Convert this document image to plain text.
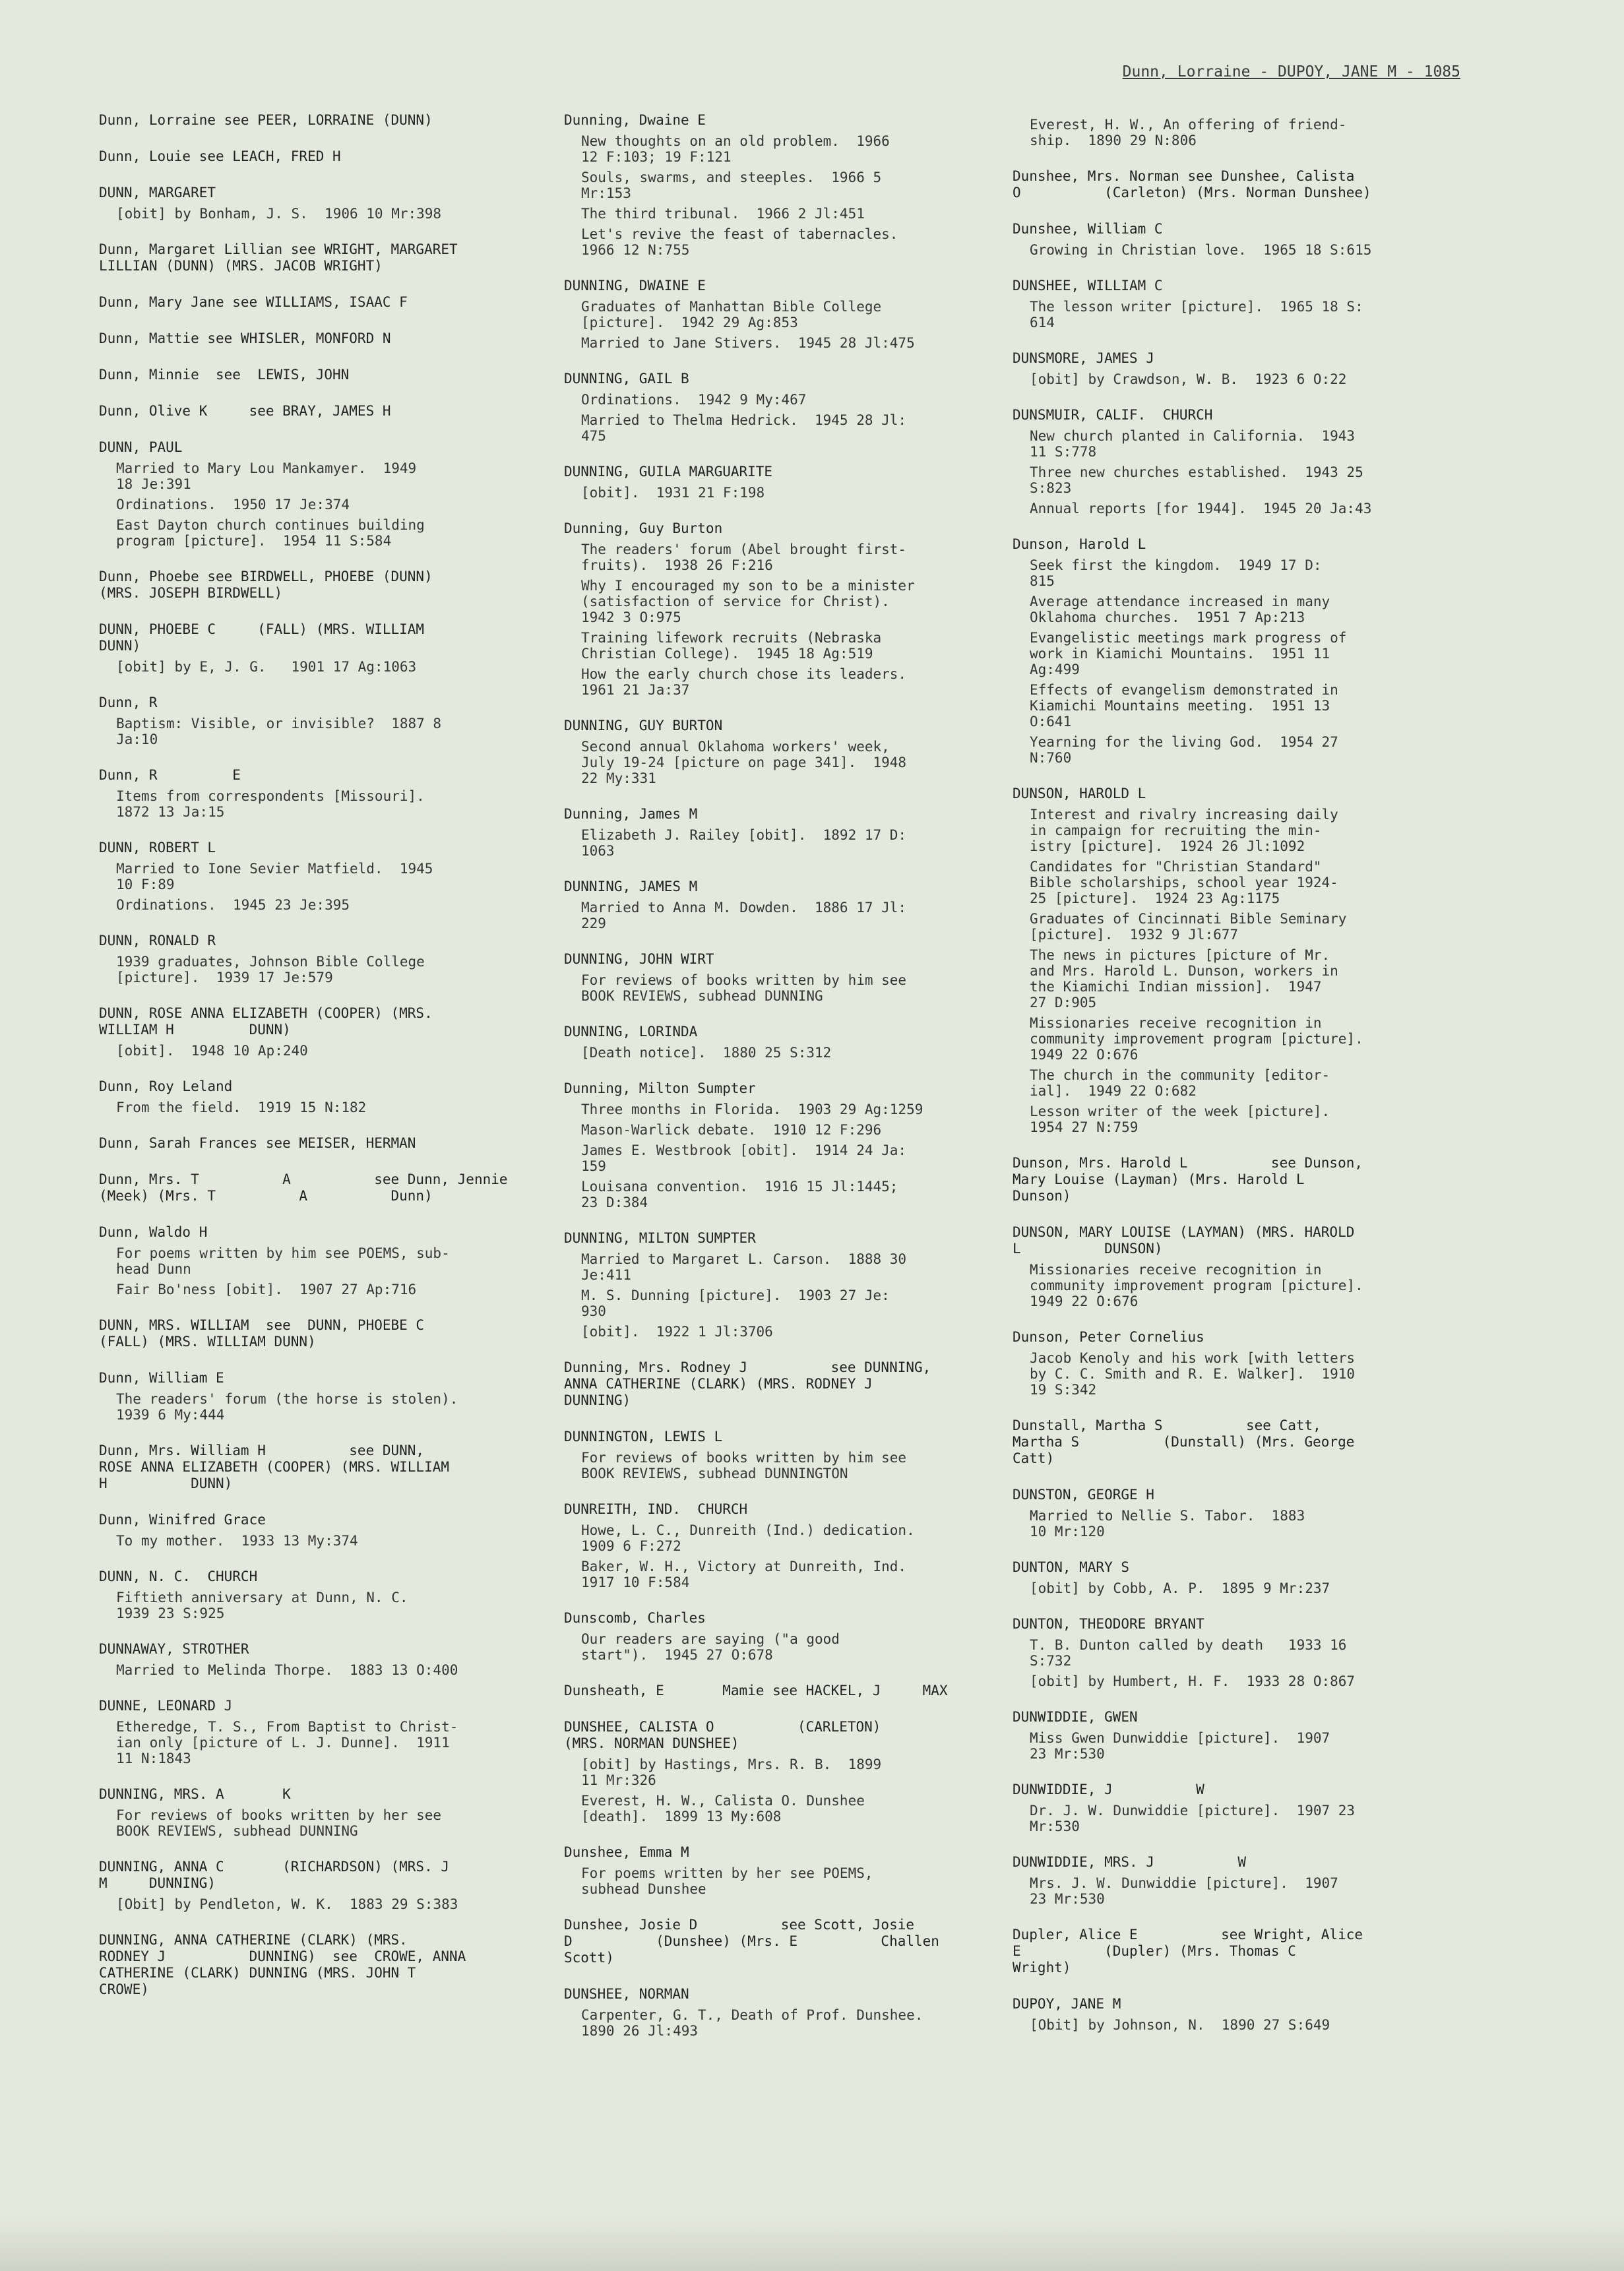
Dunn, Lorraine - DUPOY, JANE M - 1085
Dunn, Lorraine see PEER, LORRAINE (DUNN)
Dunn, Louie see LEACH, FRED H
DUNN, MARGARET
[obit] by Bonham, J. S.  1906 10 Mr:398
Dunn, Margaret Lillian see WRIGHT, MARGARET
LILLIAN (DUNN) (MRS. JACOB WRIGHT)
Dunn, Mary Jane see WILLIAMS, ISAAC F
Dunn, Mattie see WHISLER, MONFORD N
Dunn, Minnie  see  LEWIS, JOHN
Dunn, Olive K     see BRAY, JAMES H
DUNN, PAUL
Married to Mary Lou Mankamyer.  1949
18 Je:391
Ordinations.  1950 17 Je:374
East Dayton church continues building
program [picture].  1954 11 S:584
Dunn, Phoebe see BIRDWELL, PHOEBE (DUNN)
(MRS. JOSEPH BIRDWELL)
DUNN, PHOEBE C     (FALL) (MRS. WILLIAM
DUNN)
[obit] by E, J. G.   1901 17 Ag:1063
Dunn, R
Baptism: Visible, or invisible?  1887 8
Ja:10
Dunn, R         E
Items from correspondents [Missouri].
1872 13 Ja:15
DUNN, ROBERT L
Married to Ione Sevier Matfield.  1945
10 F:89
Ordinations.  1945 23 Je:395
DUNN, RONALD R
1939 graduates, Johnson Bible College
[picture].  1939 17 Je:579
DUNN, ROSE ANNA ELIZABETH (COOPER) (MRS.
WILLIAM H         DUNN)
[obit].  1948 10 Ap:240
Dunn, Roy Leland
From the field.  1919 15 N:182
Dunn, Sarah Frances see MEISER, HERMAN
Dunn, Mrs. T          A          see Dunn, Jennie
(Meek) (Mrs. T          A          Dunn)
Dunn, Waldo H
For poems written by him see POEMS, sub-
head Dunn
Fair Bo'ness [obit].  1907 27 Ap:716
DUNN, MRS. WILLIAM  see  DUNN, PHOEBE C
(FALL) (MRS. WILLIAM DUNN)
Dunn, William E
The readers' forum (the horse is stolen).
1939 6 My:444
Dunn, Mrs. William H          see DUNN,
ROSE ANNA ELIZABETH (COOPER) (MRS. WILLIAM
H          DUNN)
Dunn, Winifred Grace
To my mother.  1933 13 My:374
DUNN, N. C.  CHURCH
Fiftieth anniversary at Dunn, N. C.
1939 23 S:925
DUNNAWAY, STROTHER
Married to Melinda Thorpe.  1883 13 O:400
DUNNE, LEONARD J
Etheredge, T. S., From Baptist to Christ-
ian only [picture of L. J. Dunne].  1911
11 N:1843
DUNNING, MRS. A       K
For reviews of books written by her see
BOOK REVIEWS, subhead DUNNING
DUNNING, ANNA C       (RICHARDSON) (MRS. J
M     DUNNING)
[Obit] by Pendleton, W. K.  1883 29 S:383
DUNNING, ANNA CATHERINE (CLARK) (MRS.
RODNEY J          DUNNING)  see  CROWE, ANNA
CATHERINE (CLARK) DUNNING (MRS. JOHN T
CROWE)
Dunning, Dwaine E
New thoughts on an old problem.  1966
12 F:103; 19 F:121
Souls, swarms, and steeples.  1966 5
Mr:153
The third tribunal.  1966 2 Jl:451
Let's revive the feast of tabernacles.
1966 12 N:755
DUNNING, DWAINE E
Graduates of Manhattan Bible College
[picture].  1942 29 Ag:853
Married to Jane Stivers.  1945 28 Jl:475
DUNNING, GAIL B
Ordinations.  1942 9 My:467
Married to Thelma Hedrick.  1945 28 Jl:
475
DUNNING, GUILA MARGUARITE
[obit].  1931 21 F:198
Dunning, Guy Burton
The readers' forum (Abel brought first-
fruits).  1938 26 F:216
Why I encouraged my son to be a minister
(satisfaction of service for Christ).
1942 3 O:975
Training lifework recruits (Nebraska
Christian College).  1945 18 Ag:519
How the early church chose its leaders.
1961 21 Ja:37
DUNNING, GUY BURTON
Second annual Oklahoma workers' week,
July 19-24 [picture on page 341].  1948
22 My:331
Dunning, James M
Elizabeth J. Railey [obit].  1892 17 D:
1063
DUNNING, JAMES M
Married to Anna M. Dowden.  1886 17 Jl:
229
DUNNING, JOHN WIRT
For reviews of books written by him see
BOOK REVIEWS, subhead DUNNING
DUNNING, LORINDA
[Death notice].  1880 25 S:312
Dunning, Milton Sumpter
Three months in Florida.  1903 29 Ag:1259
Mason-Warlick debate.  1910 12 F:296
James E. Westbrook [obit].  1914 24 Ja:
159
Louisana convention.  1916 15 Jl:1445;
23 D:384
DUNNING, MILTON SUMPTER
Married to Margaret L. Carson.  1888 30
Je:411
M. S. Dunning [picture].  1903 27 Je:
930
[obit].  1922 1 Jl:3706
Dunning, Mrs. Rodney J          see DUNNING,
ANNA CATHERINE (CLARK) (MRS. RODNEY J
DUNNING)
DUNNINGTON, LEWIS L
For reviews of books written by him see
BOOK REVIEWS, subhead DUNNINGTON
DUNREITH, IND.  CHURCH
Howe, L. C., Dunreith (Ind.) dedication.
1909 6 F:272
Baker, W. H., Victory at Dunreith, Ind.
1917 10 F:584
Dunscomb, Charles
Our readers are saying ("a good
start").  1945 27 O:678
Dunsheath, E       Mamie see HACKEL, J     MAX
DUNSHEE, CALISTA O          (CARLETON)
(MRS. NORMAN DUNSHEE)
[obit] by Hastings, Mrs. R. B.  1899
11 Mr:326
Everest, H. W., Calista O. Dunshee
[death].  1899 13 My:608
Dunshee, Emma M
For poems written by her see POEMS,
subhead Dunshee
Dunshee, Josie D          see Scott, Josie
D          (Dunshee) (Mrs. E          Challen
Scott)
DUNSHEE, NORMAN
Carpenter, G. T., Death of Prof. Dunshee.
1890 26 Jl:493
Everest, H. W., An offering of friend-
ship.  1890 29 N:806
Dunshee, Mrs. Norman see Dunshee, Calista
O          (Carleton) (Mrs. Norman Dunshee)
Dunshee, William C
Growing in Christian love.  1965 18 S:615
DUNSHEE, WILLIAM C
The lesson writer [picture].  1965 18 S:
614
DUNSMORE, JAMES J
[obit] by Crawdson, W. B.  1923 6 O:22
DUNSMUIR, CALIF.  CHURCH
New church planted in California.  1943
11 S:778
Three new churches established.  1943 25
S:823
Annual reports [for 1944].  1945 20 Ja:43
Dunson, Harold L
Seek first the kingdom.  1949 17 D:
815
Average attendance increased in many
Oklahoma churches.  1951 7 Ap:213
Evangelistic meetings mark progress of
work in Kiamichi Mountains.  1951 11
Ag:499
Effects of evangelism demonstrated in
Kiamichi Mountains meeting.  1951 13
O:641
Yearning for the living God.  1954 27
N:760
DUNSON, HAROLD L
Interest and rivalry increasing daily
in campaign for recruiting the min-
istry [picture].  1924 26 Jl:1092
Candidates for "Christian Standard"
Bible scholarships, school year 1924-
25 [picture].  1924 23 Ag:1175
Graduates of Cincinnati Bible Seminary
[picture].  1932 9 Jl:677
The news in pictures [picture of Mr.
and Mrs. Harold L. Dunson, workers in
the Kiamichi Indian mission].  1947
27 D:905
Missionaries receive recognition in
community improvement program [picture].
1949 22 O:676
The church in the community [editor-
ial].  1949 22 O:682
Lesson writer of the week [picture].
1954 27 N:759
Dunson, Mrs. Harold L          see Dunson,
Mary Louise (Layman) (Mrs. Harold L
Dunson)
DUNSON, MARY LOUISE (LAYMAN) (MRS. HAROLD
L          DUNSON)
Missionaries receive recognition in
community improvement program [picture].
1949 22 O:676
Dunson, Peter Cornelius
Jacob Kenoly and his work [with letters
by C. C. Smith and R. E. Walker].  1910
19 S:342
Dunstall, Martha S          see Catt,
Martha S          (Dunstall) (Mrs. George
Catt)
DUNSTON, GEORGE H
Married to Nellie S. Tabor.  1883
10 Mr:120
DUNTON, MARY S
[obit] by Cobb, A. P.  1895 9 Mr:237
DUNTON, THEODORE BRYANT
T. B. Dunton called by death   1933 16
S:732
[obit] by Humbert, H. F.  1933 28 O:867
DUNWIDDIE, GWEN
Miss Gwen Dunwiddie [picture].  1907
23 Mr:530
DUNWIDDIE, J          W
Dr. J. W. Dunwiddie [picture].  1907 23
Mr:530
DUNWIDDIE, MRS. J          W
Mrs. J. W. Dunwiddie [picture].  1907
23 Mr:530
Dupler, Alice E          see Wright, Alice
E          (Dupler) (Mrs. Thomas C
Wright)
DUPOY, JANE M
[Obit] by Johnson, N.  1890 27 S:649
